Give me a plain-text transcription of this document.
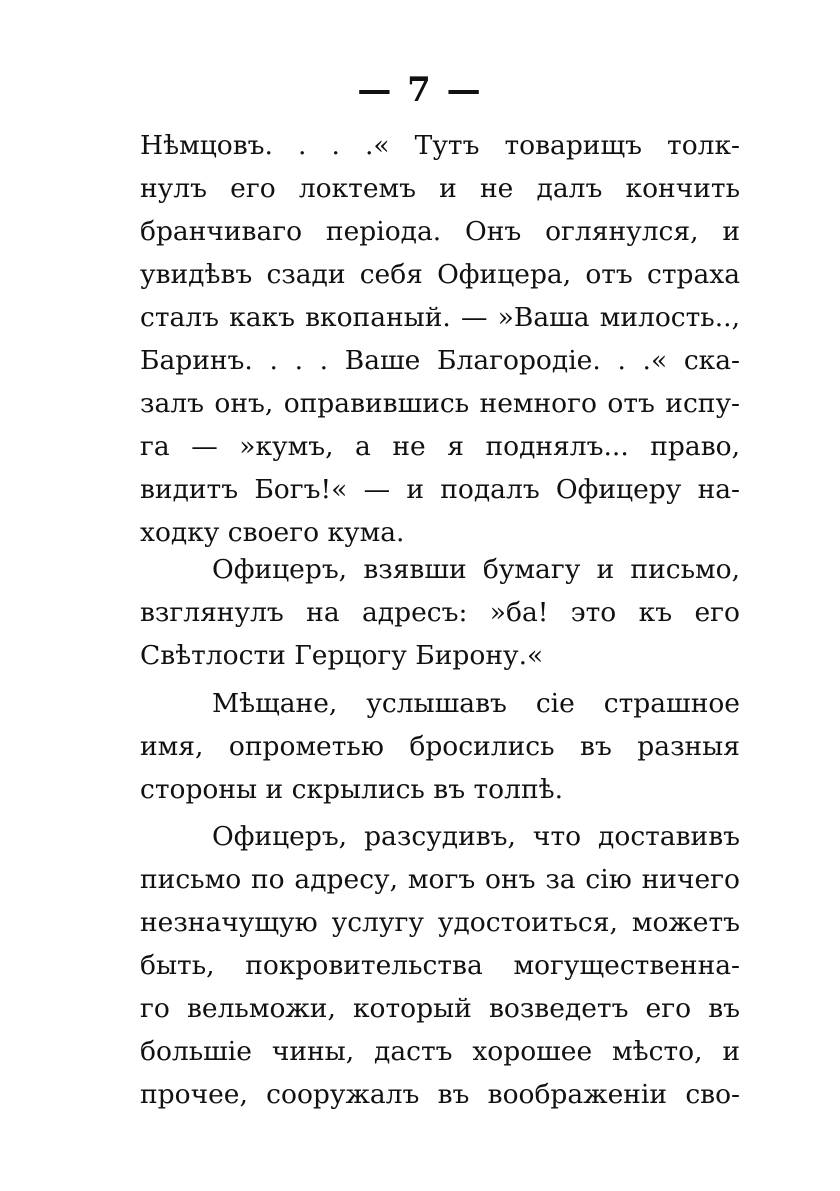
— 7 —
Нѣмцовъ. . . .« Тутъ товарищъ толк-
нулъ его локтемъ и не далъ кончить
бранчиваго періода. Онъ оглянулся, и
увидѣвъ сзади себя Офицера, отъ страха
сталъ какъ вкопаный. — »Ваша милость..,
Баринъ. . . . Ваше Благородіе. . .« ска-
залъ онъ, оправившись немного отъ испу-
га — »кумъ, а не я поднялъ... право,
видитъ Богъ!« — и подалъ Офицеру на-
ходку своего кума.
Офицеръ, взявши бумагу и письмо,
взглянулъ на адресъ: »ба! это къ его
Свѣтлости Герцогу Бирону.«
Мѣщане, услышавъ сіе страшное
имя, опрометью бросились въ разныя
стороны и скрылись въ толпѣ.
Офицеръ, разсудивъ, что доставивъ
письмо по адресу, могъ онъ за сію ничего
незначущую услугу удостоиться, можетъ
быть, покровительства могущественна-
го вельможи, который возведетъ его въ
большіе чины, дастъ хорошее мѣсто, и
прочее, сооружалъ въ воображеніи сво-
